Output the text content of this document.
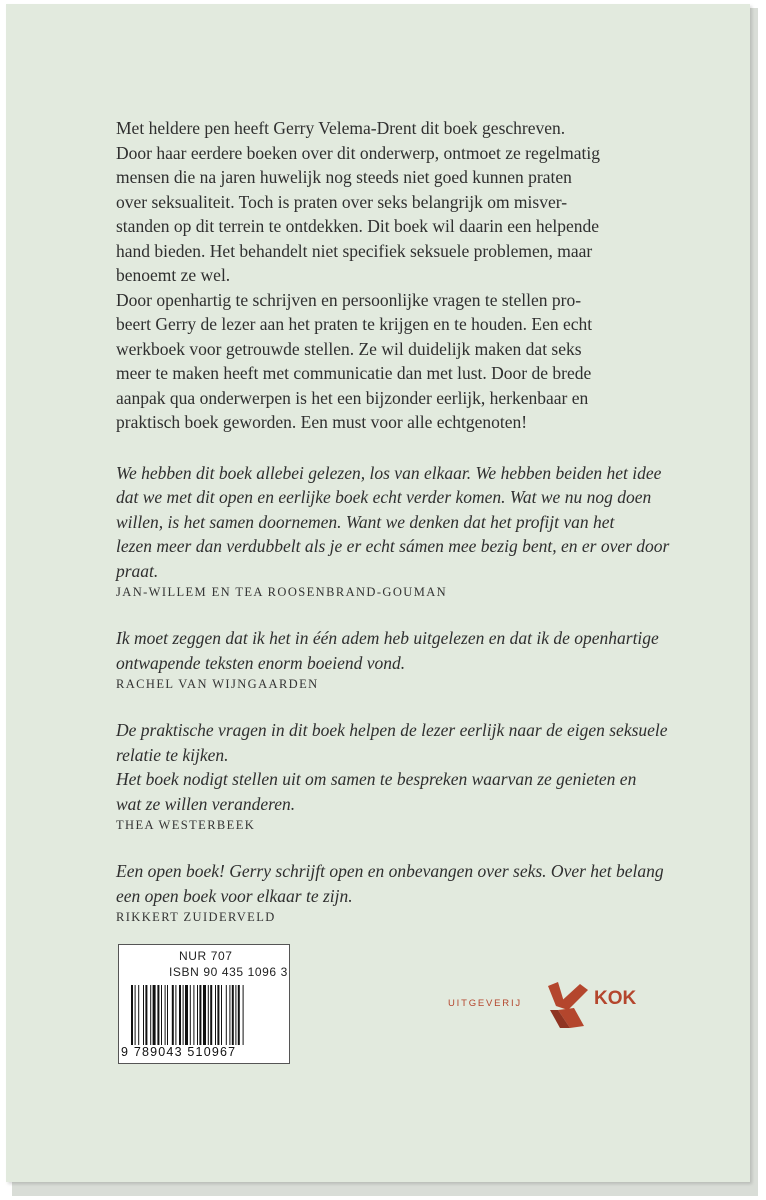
Met heldere pen heeft Gerry Velema-Drent dit boek geschreven.
Door haar eerdere boeken over dit onderwerp, ontmoet ze regelmatig
mensen die na jaren huwelijk nog steeds niet goed kunnen praten
over seksualiteit. Toch is praten over seks belangrijk om misver-
standen op dit terrein te ontdekken. Dit boek wil daarin een helpende
hand bieden. Het behandelt niet specifiek seksuele problemen, maar
benoemt ze wel.
Door openhartig te schrijven en persoonlijke vragen te stellen pro-
beert Gerry de lezer aan het praten te krijgen en te houden. Een echt
werkboek voor getrouwde stellen. Ze wil duidelijk maken dat seks
meer te maken heeft met communicatie dan met lust. Door de brede
aanpak qua onderwerpen is het een bijzonder eerlijk, herkenbaar en
praktisch boek geworden. Een must voor alle echtgenoten!

We hebben dit boek allebei gelezen, los van elkaar. We hebben beiden het idee
dat we met dit open en eerlijke boek echt verder komen. Wat we nu nog doen
willen, is het samen doornemen. Want we denken dat het profijt van het
lezen meer dan verdubbelt als je er echt sámen mee bezig bent, en er over door
praat.
JAN-WILLEM EN TEA ROOSENBRAND-GOUMAN
Ik moet zeggen dat ik het in één adem heb uitgelezen en dat ik de openhartige
ontwapende teksten enorm boeiend vond.
RACHEL VAN WIJNGAARDEN
De praktische vragen in dit boek helpen de lezer eerlijk naar de eigen seksuele
relatie te kijken.
Het boek nodigt stellen uit om samen te bespreken waarvan ze genieten en
wat ze willen veranderen.
THEA WESTERBEEK
Een open boek! Gerry schrijft open en onbevangen over seks. Over het belang
een open boek voor elkaar te zijn.
RIKKERT ZUIDERVELD
NUR 707
ISBN 90 435 1096 3
9 789043 510967
UITGEVERIJ	KOK
